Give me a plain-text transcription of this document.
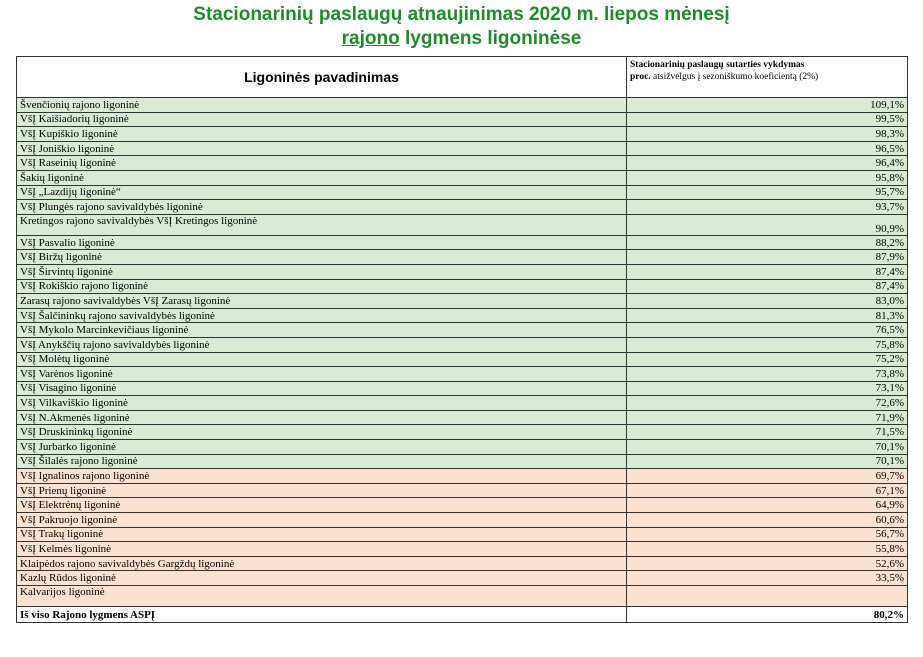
Stacionarinių paslaugų atnaujinimas 2020 m. liepos mėnesį
rajono lygmens ligoninėse
Ligoninės pavadinimas	Stacionarinių paslaugų sutarties vykdymas
proc. atsižvelgus į sezoniškumo koeficientą (2%)
Švenčionių rajono ligoninė	109,1%
VšĮ Kaišiadorių ligoninė	99,5%
VšĮ Kupiškio ligoninė	98,3%
VšĮ Joniškio ligoninė	96,5%
VšĮ Raseinių ligoninė	96,4%
Šakių ligoninė	95,8%
VšĮ „Lazdijų ligoninė“	95,7%
VšĮ Plungės rajono savivaldybės ligoninė	93,7%
Kretingos rajono savivaldybės VšĮ Kretingos ligoninė	90,9%
VšĮ Pasvalio ligoninė	88,2%
VšĮ Biržų ligoninė	87,9%
VšĮ Širvintų ligoninė	87,4%
VšĮ Rokiškio rajono ligoninė	87,4%
Zarasų rajono savivaldybės VšĮ Zarasų ligoninė	83,0%
VšĮ Šalčininkų rajono savivaldybės ligoninė	81,3%
VšĮ Mykolo Marcinkevičiaus ligoninė	76,5%
VšĮ Anykščių rajono savivaldybės ligoninė	75,8%
VšĮ Molėtų ligoninė	75,2%
VšĮ Varėnos ligoninė	73,8%
VšĮ Visagino ligoninė	73,1%
VšĮ Vilkaviškio ligoninė	72,6%
VšĮ N.Akmenės ligoninė	71,9%
VšĮ Druskininkų ligoninė	71,5%
VšĮ Jurbarko ligoninė	70,1%
VšĮ Šilalės rajono ligoninė	70,1%
VšĮ Ignalinos rajono ligoninė	69,7%
VšĮ Prienų ligoninė	67,1%
VšĮ Elektrėnų ligoninė	64,9%
VšĮ Pakruojo ligoninė	60,6%
VšĮ Trakų ligoninė	56,7%
VšĮ Kelmės ligoninė	55,8%
Klaipėdos rajono savivaldybės Gargždų ligoninė	52,6%
Kazlų Rūdos ligoninė	33,5%
Kalvarijos ligoninė	
Iš viso Rajono lygmens ASPĮ	80,2%
